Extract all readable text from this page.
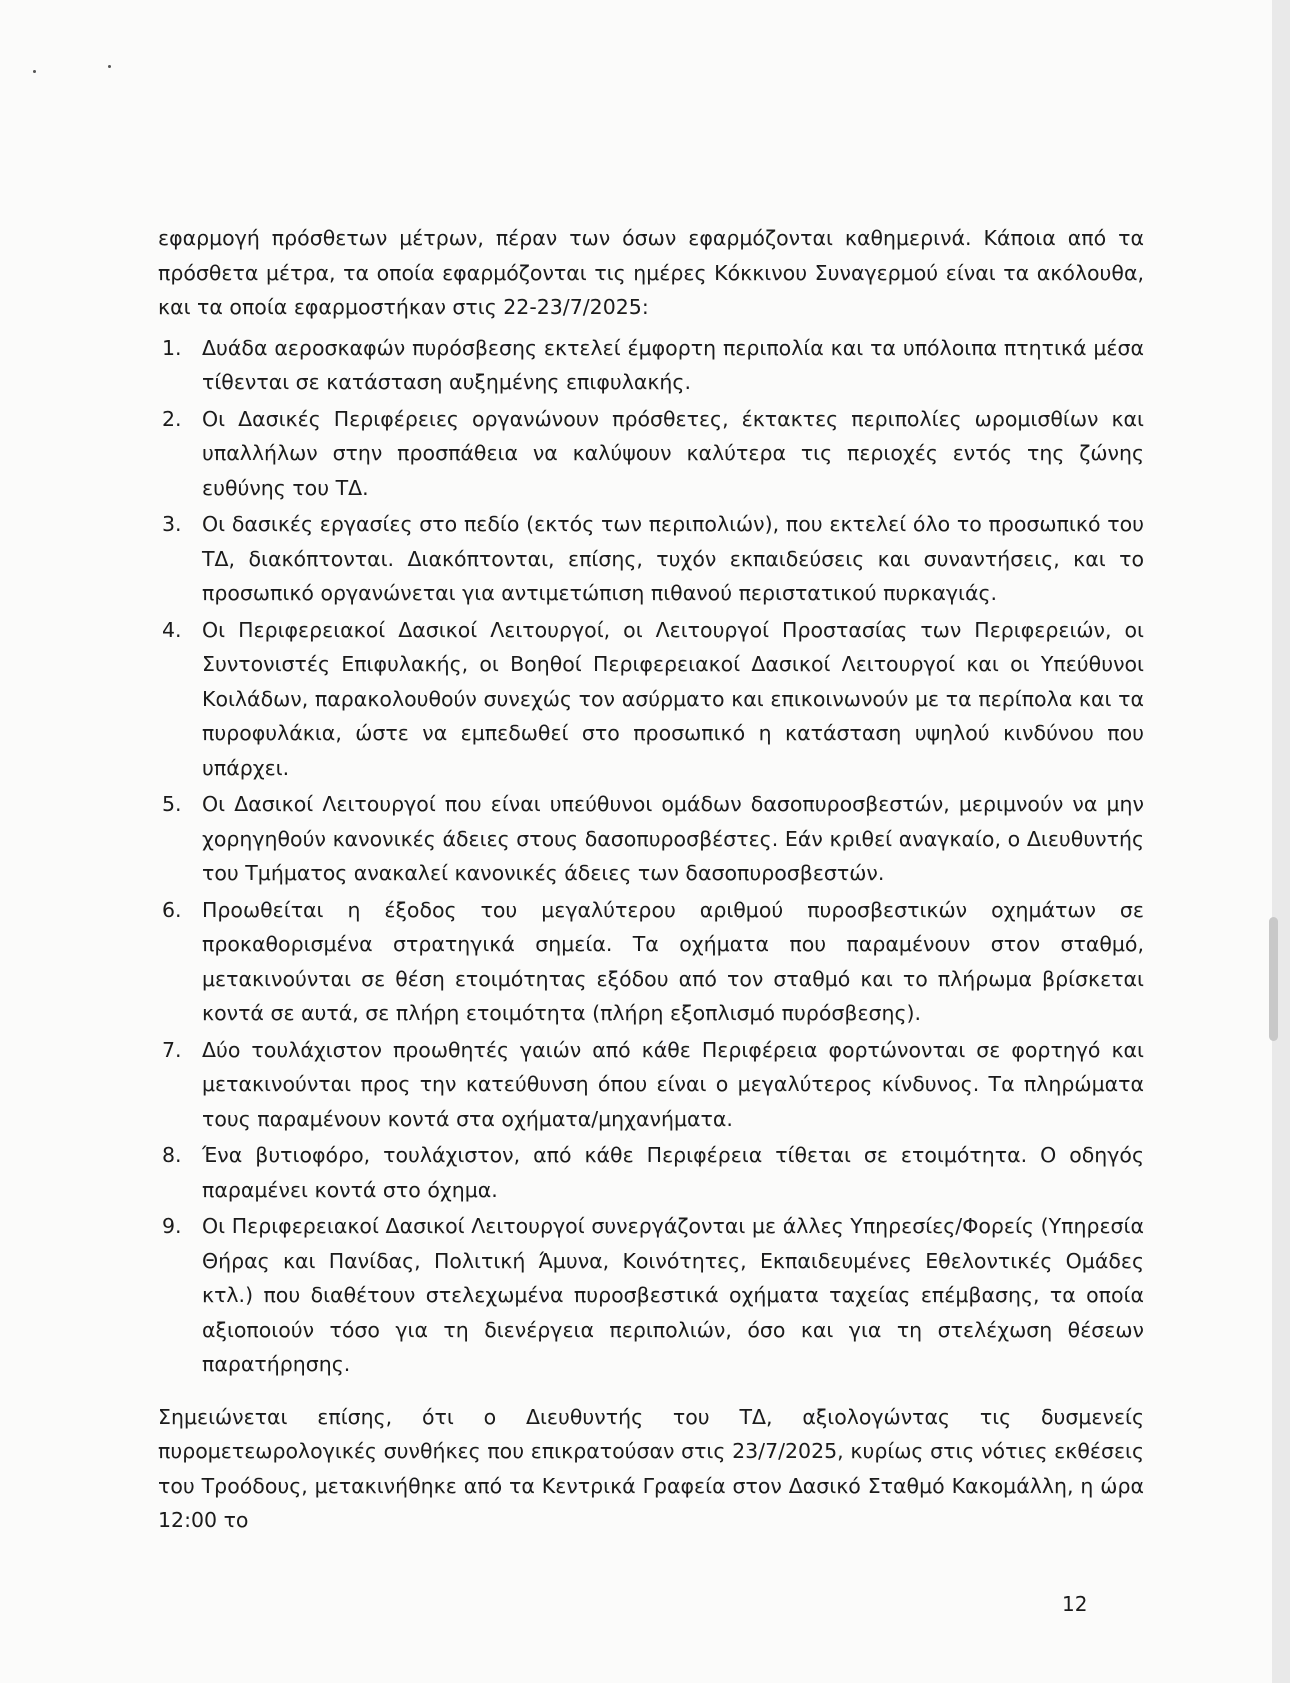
εφαρμογή πρόσθετων μέτρων, πέραν των όσων εφαρμόζονται καθημερινά. Κάποια από τα πρόσθετα μέτρα, τα οποία εφαρμόζονται τις ημέρες Κόκκινου Συναγερμού είναι τα ακόλουθα, και τα οποία εφαρμοστήκαν στις 22-23/7/2025:

1. Δυάδα αεροσκαφών πυρόσβεσης εκτελεί έμφορτη περιπολία και τα υπόλοιπα πτητικά μέσα τίθενται σε κατάσταση αυξημένης επιφυλακής.
2. Οι Δασικές Περιφέρειες οργανώνουν πρόσθετες, έκτακτες περιπολίες ωρομισθίων και υπαλλήλων στην προσπάθεια να καλύψουν καλύτερα τις περιοχές εντός της ζώνης ευθύνης του ΤΔ.
3. Οι δασικές εργασίες στο πεδίο (εκτός των περιπολιών), που εκτελεί όλο το προσωπικό του ΤΔ, διακόπτονται. Διακόπτονται, επίσης, τυχόν εκπαιδεύσεις και συναντήσεις, και το προσωπικό οργανώνεται για αντιμετώπιση πιθανού περιστατικού πυρκαγιάς.
4. Οι Περιφερειακοί Δασικοί Λειτουργοί, οι Λειτουργοί Προστασίας των Περιφερειών, οι Συντονιστές Επιφυλακής, οι Βοηθοί Περιφερειακοί Δασικοί Λειτουργοί και οι Υπεύθυνοι Κοιλάδων, παρακολουθούν συνεχώς τον ασύρματο και επικοινωνούν με τα περίπολα και τα πυροφυλάκια, ώστε να εμπεδωθεί στο προσωπικό η κατάσταση υψηλού κινδύνου που υπάρχει.
5. Οι Δασικοί Λειτουργοί που είναι υπεύθυνοι ομάδων δασοπυροσβεστών, μεριμνούν να μην χορηγηθούν κανονικές άδειες στους δασοπυροσβέστες. Εάν κριθεί αναγκαίο, ο Διευθυντής του Τμήματος ανακαλεί κανονικές άδειες των δασοπυροσβεστών.
6. Προωθείται η έξοδος του μεγαλύτερου αριθμού πυροσβεστικών οχημάτων σε προκαθορισμένα στρατηγικά σημεία. Τα οχήματα που παραμένουν στον σταθμό, μετακινούνται σε θέση ετοιμότητας εξόδου από τον σταθμό και το πλήρωμα βρίσκεται κοντά σε αυτά, σε πλήρη ετοιμότητα (πλήρη εξοπλισμό πυρόσβεσης).
7. Δύο τουλάχιστον προωθητές γαιών από κάθε Περιφέρεια φορτώνονται σε φορτηγό και μετακινούνται προς την κατεύθυνση όπου είναι ο μεγαλύτερος κίνδυνος. Τα πληρώματα τους παραμένουν κοντά στα οχήματα/μηχανήματα.
8. Ένα βυτιοφόρο, τουλάχιστον, από κάθε Περιφέρεια τίθεται σε ετοιμότητα. Ο οδηγός παραμένει κοντά στο όχημα.
9. Οι Περιφερειακοί Δασικοί Λειτουργοί συνεργάζονται με άλλες Υπηρεσίες/Φορείς (Υπηρεσία Θήρας και Πανίδας, Πολιτική Άμυνα, Κοινότητες, Εκπαιδευμένες Εθελοντικές Ομάδες κτλ.) που διαθέτουν στελεχωμένα πυροσβεστικά οχήματα ταχείας επέμβασης, τα οποία αξιοποιούν τόσο για τη διενέργεια περιπολιών, όσο και για τη στελέχωση θέσεων παρατήρησης.

Σημειώνεται επίσης, ότι ο Διευθυντής του ΤΔ, αξιολογώντας τις δυσμενείς πυρομετεωρολογικές συνθήκες που επικρατούσαν στις 23/7/2025, κυρίως στις νότιες εκθέσεις του Τροόδους, μετακινήθηκε από τα Κεντρικά Γραφεία στον Δασικό Σταθμό Κακομάλλη, η ώρα 12:00 το

12
